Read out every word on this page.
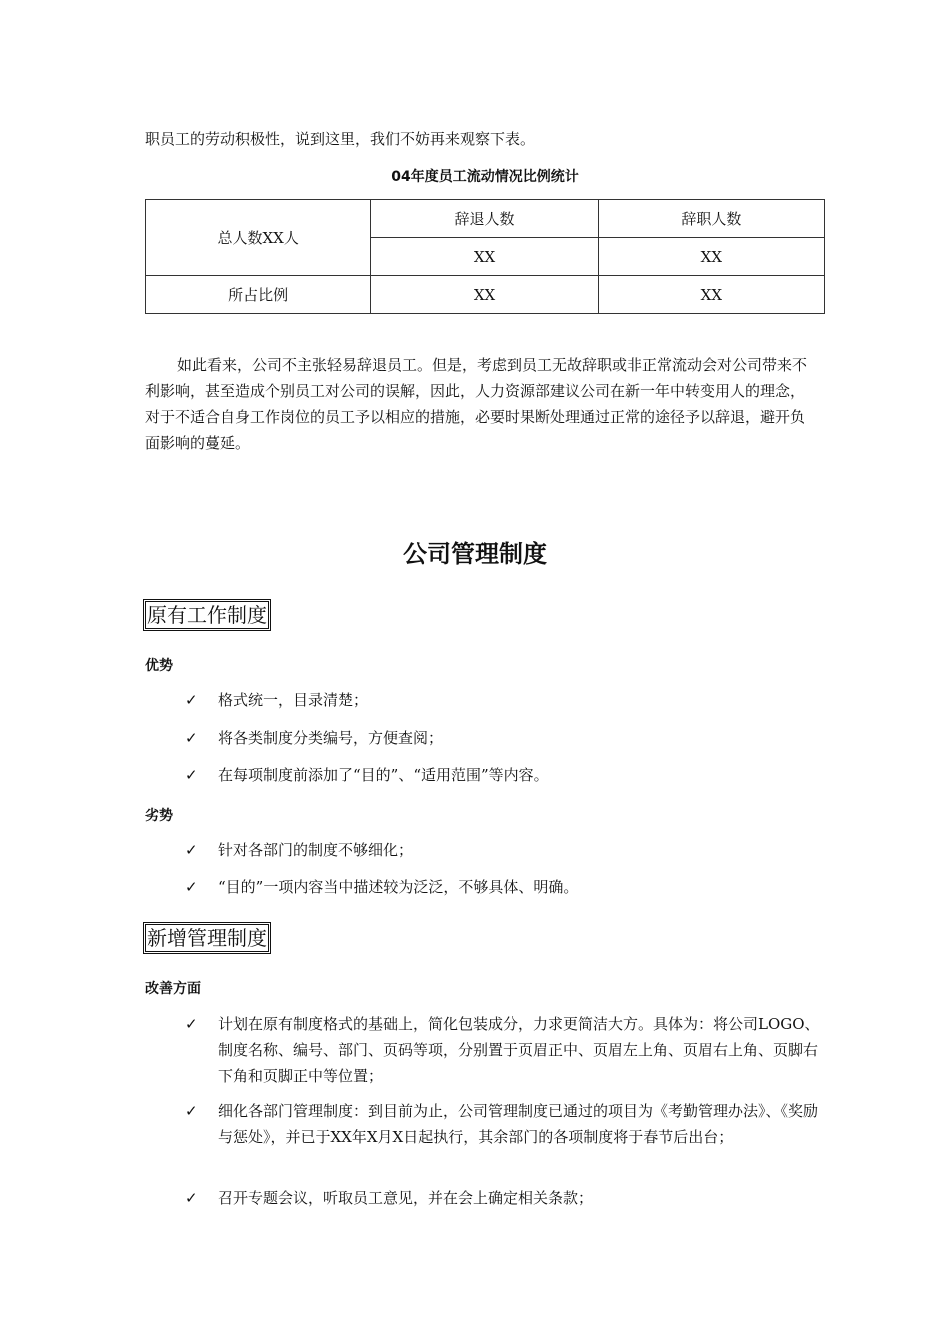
职员工的劳动积极性，说到这里，我们不妨再来观察下表。

04年度员工流动情况比例统计
总人数XX人	辞退人数	辞职人数
	XX	XX
所占比例	XX	XX

如此看来，公司不主张轻易辞退员工。但是，考虑到员工无故辞职或非正常流动会对公司带来不利影响，甚至造成个别员工对公司的误解，因此，人力资源部建议公司在新一年中转变用人的理念，对于不适合自身工作岗位的员工予以相应的措施，必要时果断处理通过正常的途径予以辞退，避开负面影响的蔓延。

公司管理制度
原有工作制度
优势
✓	格式统一，目录清楚；
✓	将各类制度分类编号，方便查阅；
✓	在每项制度前添加了“目的”、“适用范围”等内容。
劣势
✓	针对各部门的制度不够细化；
✓	“目的”一项内容当中描述较为泛泛，不够具体、明确。
新增管理制度
改善方面
✓	计划在原有制度格式的基础上，简化包装成分，力求更简洁大方。具体为：将公司LOGO、制度名称、编号、部门、页码等项，分别置于页眉正中、页眉左上角、页眉右上角、页脚右下角和页脚正中等位置；
✓	细化各部门管理制度：到目前为止，公司管理制度已通过的项目为《考勤管理办法》、《奖励与惩处》，并已于XX年X月X日起执行，其余部门的各项制度将于春节后出台；
✓	召开专题会议，听取员工意见，并在会上确定相关条款；
